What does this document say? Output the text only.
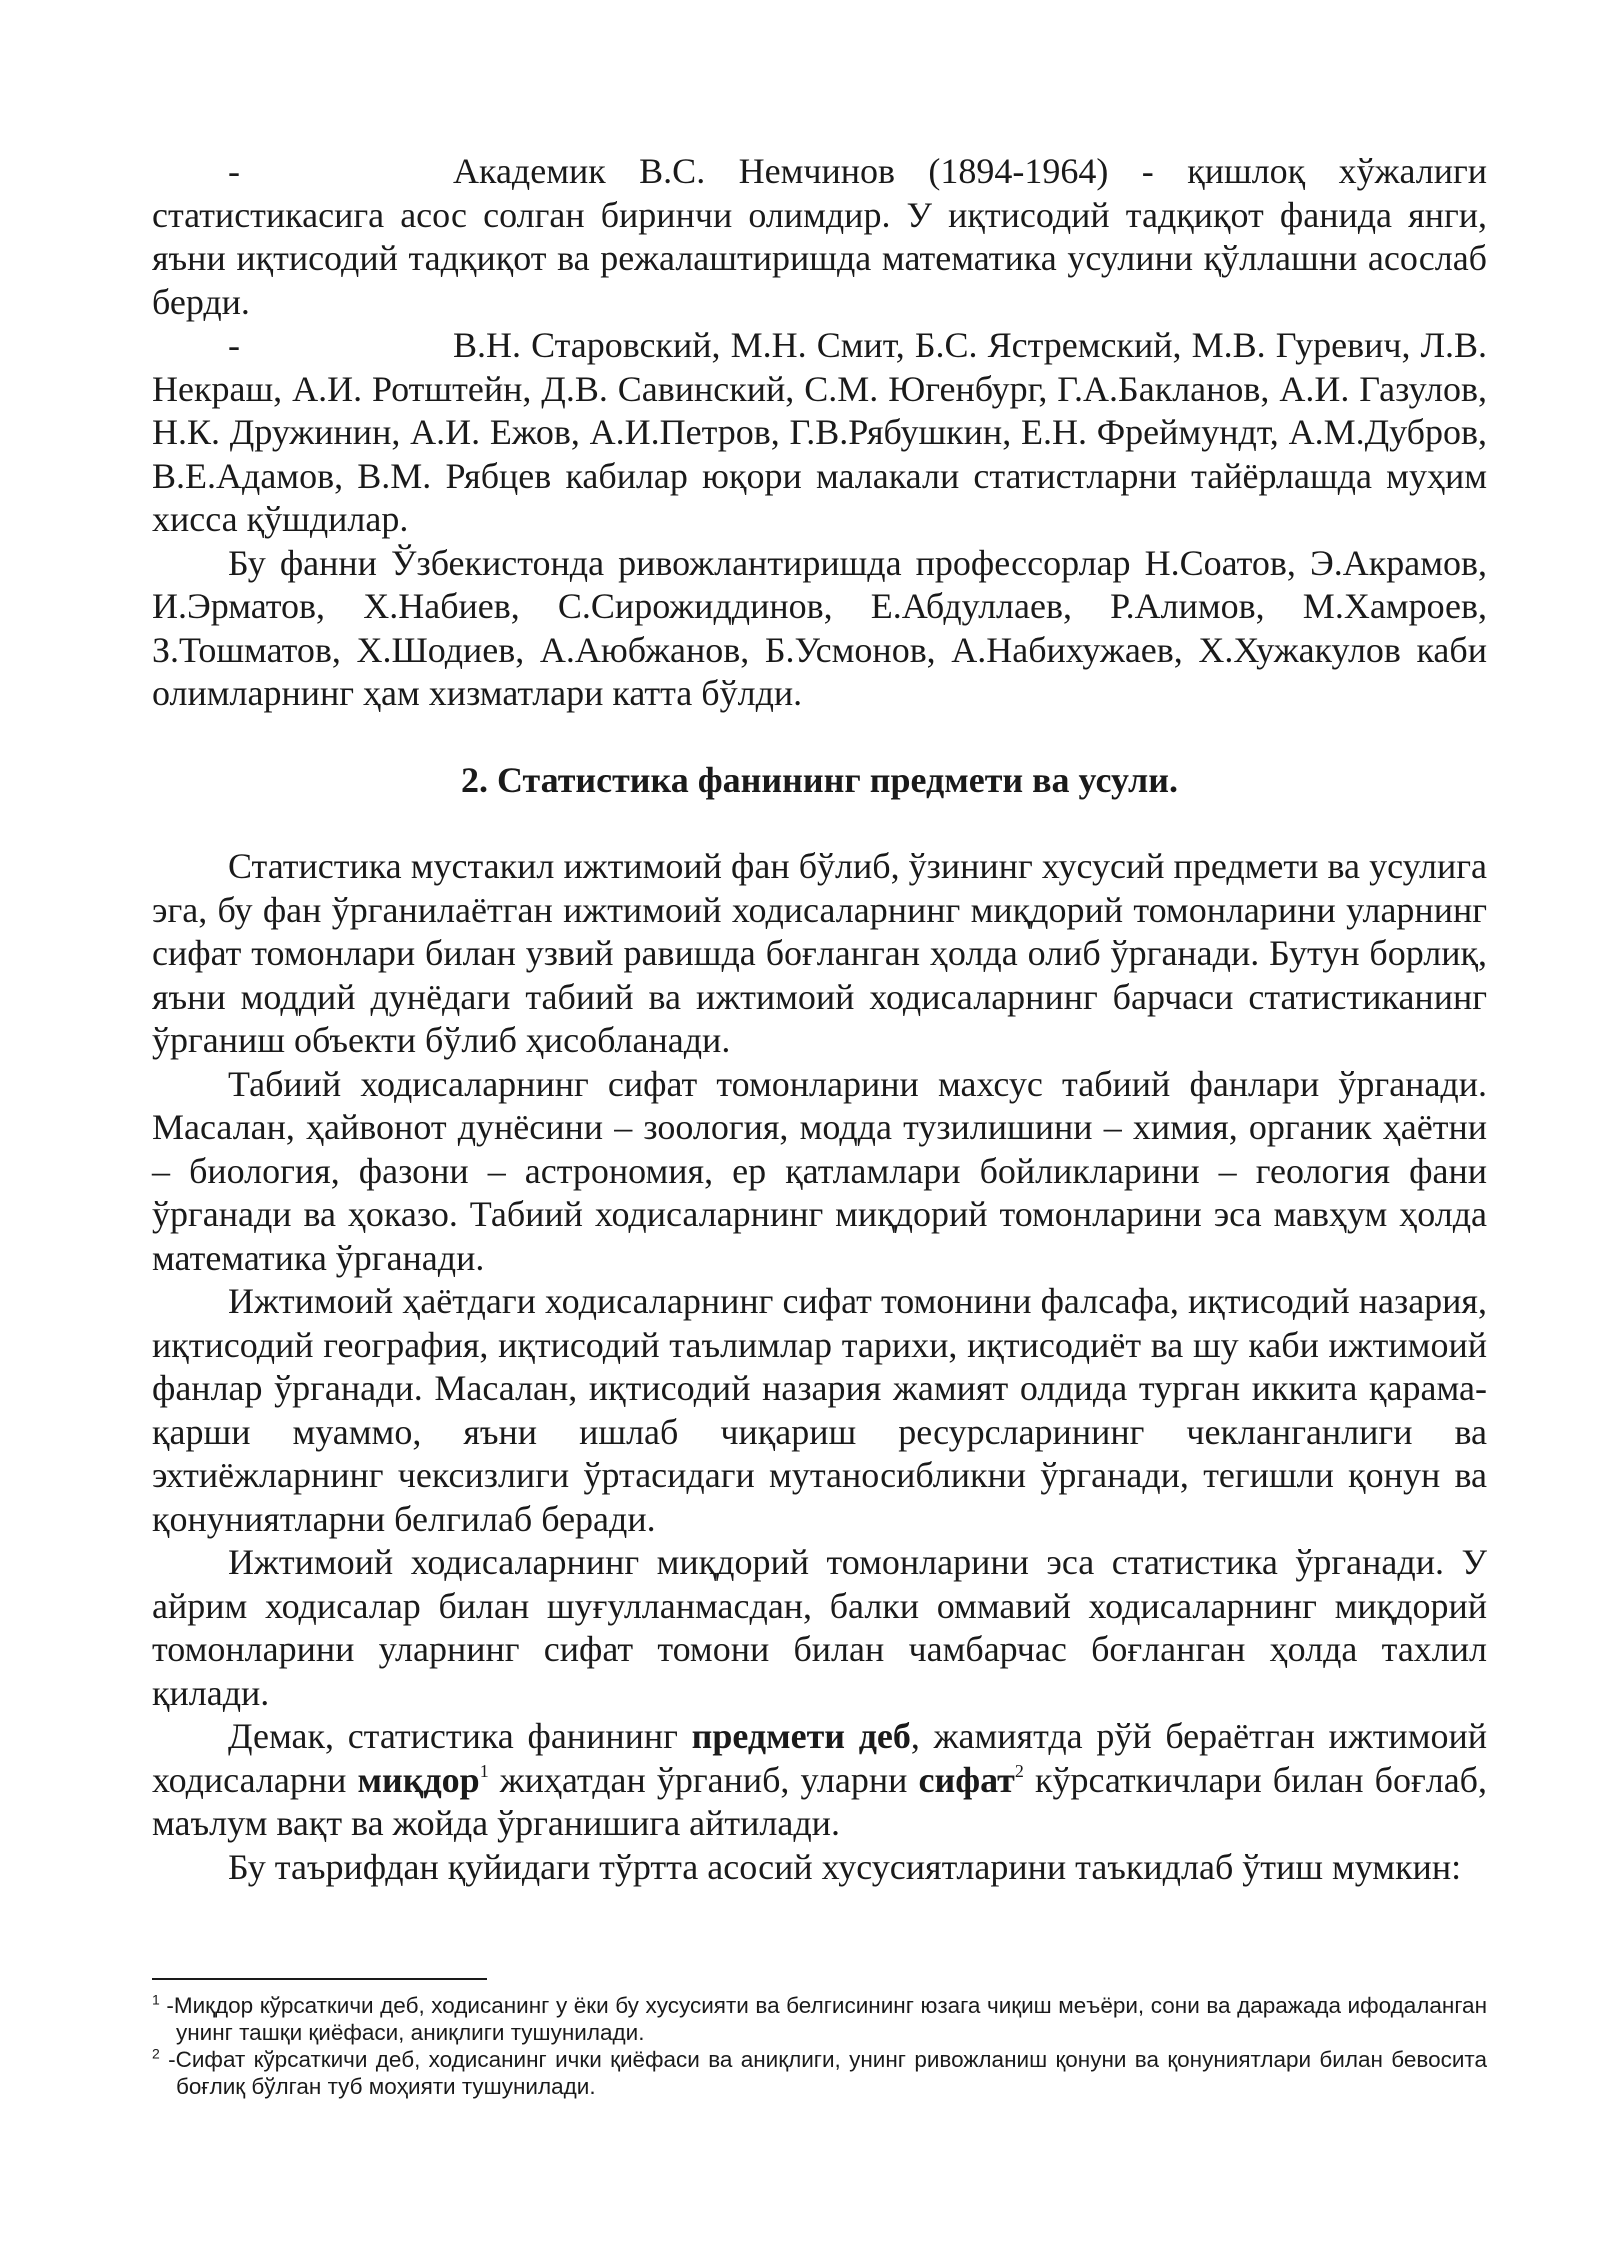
-	Академик В.С. Немчинов (1894-1964) - қишлоқ хўжалиги статистикасига асос солган биринчи олимдир. У иқтисодий тадқиқот фанида янги, яъни иқтисодий тадқиқот ва режалаштиришда математика усулини қўллашни асослаб берди.

-	В.Н. Старовский, М.Н. Смит, Б.С. Ястремский, М.В. Гуревич, Л.В. Некраш, А.И. Ротштейн, Д.В. Савинский, С.М. Югенбург, Г.А.Бакланов, А.И. Газулов, Н.К. Дружинин, А.И. Ежов, А.И.Петров, Г.В.Рябушкин, Е.Н. Фреймундт, А.М.Дубров, В.Е.Адамов, В.М. Рябцев кабилар юқори малакали статистларни тайёрлашда муҳим хисса қўшдилар.

Бу фанни Ўзбекистонда ривожлантиришда профессорлар Н.Соатов, Э.Акрамов, И.Эрматов, Х.Набиев, С.Сирожиддинов, Е.Абдуллаев, Р.Алимов, М.Хамроев, З.Тошматов, Х.Шодиев, А.Аюбжанов, Б.Усмонов, А.Набихужаев, Х.Хужакулов каби олимларнинг ҳам хизматлари катта бўлди.

2. Статистика фанининг предмети ва усули.

Статистика мустакил ижтимоий фан бўлиб, ўзининг хусусий предмети ва усулига эга, бу фан ўрганилаётган ижтимоий ходисаларнинг миқдорий томонларини уларнинг сифат томонлари билан узвий равишда боғланган ҳолда олиб ўрганади. Бутун борлиқ, яъни моддий дунёдаги табиий ва ижтимоий ходисаларнинг барчаси статистиканинг ўрганиш объекти бўлиб ҳисобланади.

Табиий ходисаларнинг сифат томонларини махсус табиий фанлари ўрганади. Масалан, ҳайвонот дунёсини – зоология, модда тузилишини – химия, органик ҳаётни – биология, фазони – астрономия, ер қатламлари бойликларини – геология фани ўрганади ва ҳоказо. Табиий ходисаларнинг миқдорий томонларини эса мавҳум ҳолда математика ўрганади.

Ижтимоий ҳаётдаги ходисаларнинг сифат томонини фалсафа, иқтисодий назария, иқтисодий география, иқтисодий таълимлар тарихи, иқтисодиёт ва шу каби ижтимоий фанлар ўрганади. Масалан, иқтисодий назария жамият олдида турган иккита қарама-қарши муаммо, яъни ишлаб чиқариш ресурсларининг чекланганлиги ва эхтиёжларнинг чексизлиги ўртасидаги мутаносибликни ўрганади, тегишли қонун ва қонуниятларни белгилаб беради.

Ижтимоий ходисаларнинг миқдорий томонларини эса статистика ўрганади. У айрим ходисалар билан шуғулланмасдан, балки оммавий ходисаларнинг миқдорий томонларини уларнинг сифат томони билан чамбарчас боғланган ҳолда тахлил қилади.

Демак, статистика фанининг предмети деб, жамиятда рўй бераётган ижтимоий ходисаларни миқдор$^1$ жиҳатдан ўрганиб, уларни сифат$^2$ кўрсаткичлари билан боғлаб, маълум вақт ва жойда ўрганишига айтилади.

Бу таърифдан қуйидаги тўртта асосий хусусиятларини таъкидлаб ўтиш мумкин:

$^1$ -Миқдор кўрсаткичи деб, ходисанинг у ёки бу хусусияти ва белгисининг юзага чиқиш меъёри, сони ва даражада ифодаланган унинг ташқи қиёфаси, аниқлиги тушунилади.

$^2$ -Сифат кўрсаткичи деб, ходисанинг ички қиёфаси ва аниқлиги, унинг ривожланиш қонуни ва қонуниятлари билан бевосита боғлиқ бўлган туб моҳияти тушунилади.
